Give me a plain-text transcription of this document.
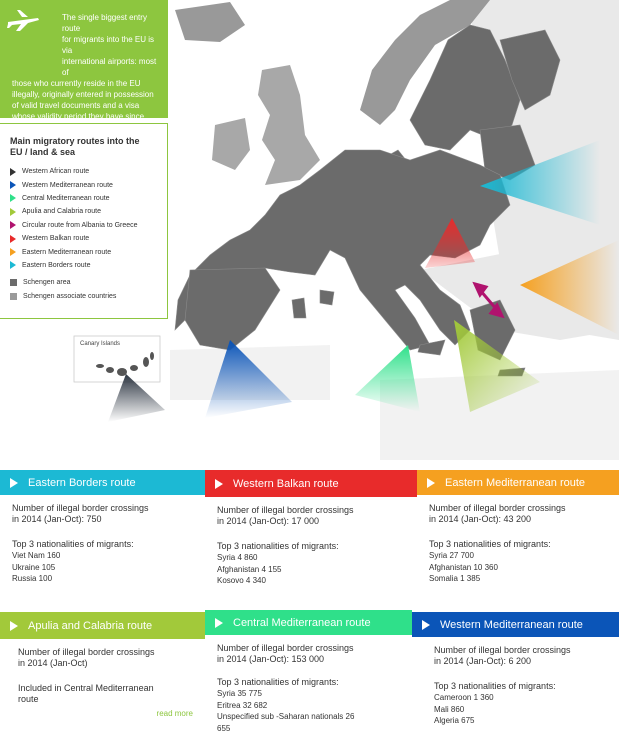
The single biggest entry route

for migrants into the EU is via

international airports: most of

those who currently reside in the EU

illegally, originally entered in possession

of valid travel documents and a visa

whose validity period they have since

Main migratory routes into the
EU / land & sea
Western African route
Western Mediterranean route
Central Mediterranean route
Apulia and Calabria route
Circular route from Albania to Greece
Western Balkan route
Eastern Mediterranean route
Eastern Borders route
Schengen area
Schengen associate countries
Canary Islands
Eastern Borders route

Number of illegal border crossings

in 2014 (Jan-Oct): 750

Top 3 nationalities of migrants:

Viet Nam 160

Ukraine 105

Russia 100

Western Balkan route

Number of illegal border crossings

in 2014 (Jan-Oct): 17 000

Top 3 nationalities of migrants:

Syria 4 860

Afghanistan 4 155

Kosovo 4 340

Eastern Mediterranean route

Number of illegal border crossings

in 2014 (Jan-Oct): 43 200

Top 3 nationalities of migrants:

Syria 27 700

Afghanistan 10 360

Somalia 1 385

Apulia and Calabria route

Number of illegal border crossings

in 2014 (Jan-Oct)

Included in Central Mediterranean

route

read more
Central Mediterranean route

Number of illegal border crossings

in 2014 (Jan-Oct): 153 000

Top 3 nationalities of migrants:

Syria 35 775

Eritrea 32 682

Unspecified sub -Saharan nationals 26

655

Western Mediterranean route

Number of illegal border crossings

in 2014 (Jan-Oct): 6 200

Top 3 nationalities of migrants:

Cameroon 1 360

Mali 860

Algeria 675
